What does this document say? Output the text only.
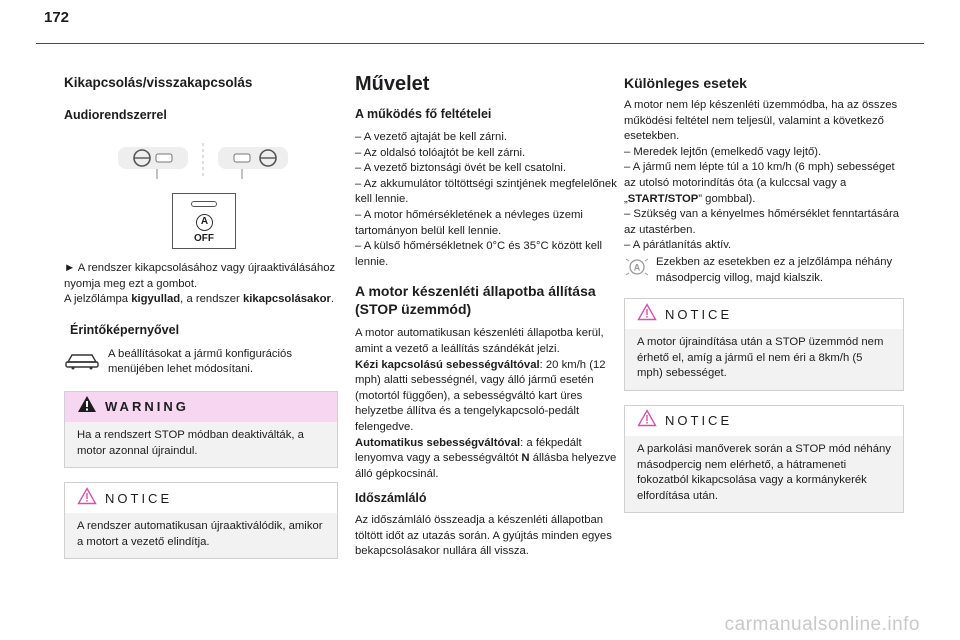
172
Kikapcsolás/visszakapcsolás
Audiorendszerrel
A
OFF

► A rendszer kikapcsolásához vagy újraaktiválásához nyomja meg ezt a gombot.
A jelzőlámpa kigyullad, a rendszer kikapcsolásakor.

Érintőképernyővel

A beállításokat a jármű konfigurációs menüjében lehet módosítani.

WARNING
Ha a rendszert STOP módban deaktiválták, a motor azonnal újraindul.
NOTICE
A rendszer automatikusan újraaktiválódik, amikor a motort a vezető elindítja.
Művelet
A működés fő feltételei

– A vezető ajtaját be kell zárni.

– Az oldalsó tolóajtót be kell zárni.

– A vezető biztonsági övét be kell csatolni.

– Az akkumulátor töltöttségi szintjének megfelelőnek kell lennie.

– A motor hőmérsékletének a névleges üzemi tartományon belül kell lennie.

– A külső hőmérsékletnek 0°C és 35°C között kell lennie.

A motor készenléti állapotba állítása (STOP üzemmód)

A motor automatikusan készenléti állapotba kerül, amint a vezető a leállítás szándékát jelzi.
Kézi kapcsolású sebességváltóval: 20 km/h (12 mph) alatti sebességnél, vagy álló jármű esetén (motortól függően), a sebességváltó kart üres helyzetbe állítva és a tengelykapcsoló-pedált felengedve.
Automatikus sebességváltóval: a fékpedált lenyomva vagy a sebességváltót N állásba helyezve álló gépkocsinál.

Időszámláló

Az időszámláló összeadja a készenléti állapotban töltött időt az utazás során. A gyújtás minden egyes bekapcsolásakor nullára áll vissza.

Különleges esetek

A motor nem lép készenléti üzemmódba, ha az összes működési feltétel nem teljesül, valamint a következő esetekben.

– Meredek lejtőn (emelkedő vagy lejtő).

– A jármű nem lépte túl a 10 km/h (6 mph) sebességet az utolsó motorindítás óta (a kulccsal vagy a „START/STOP” gombbal).

– Szükség van a kényelmes hőmérséklet fenntartására az utastérben.

– A párátlanítás aktív.

A Ezekben az esetekben ez a jelzőlámpa néhány másodpercig villog, majd kialszik.

NOTICE
A motor újraindítása után a STOP üzemmód nem érhető el, amíg a jármű el nem éri a 8km/h (5 mph) sebességet.
NOTICE
A parkolási manőverek során a STOP mód néhány másodpercig nem elérhető, a hátrameneti fokozatból kikapcsolása vagy a kormánykerék elfordítása után.
carmanualsonline.info
